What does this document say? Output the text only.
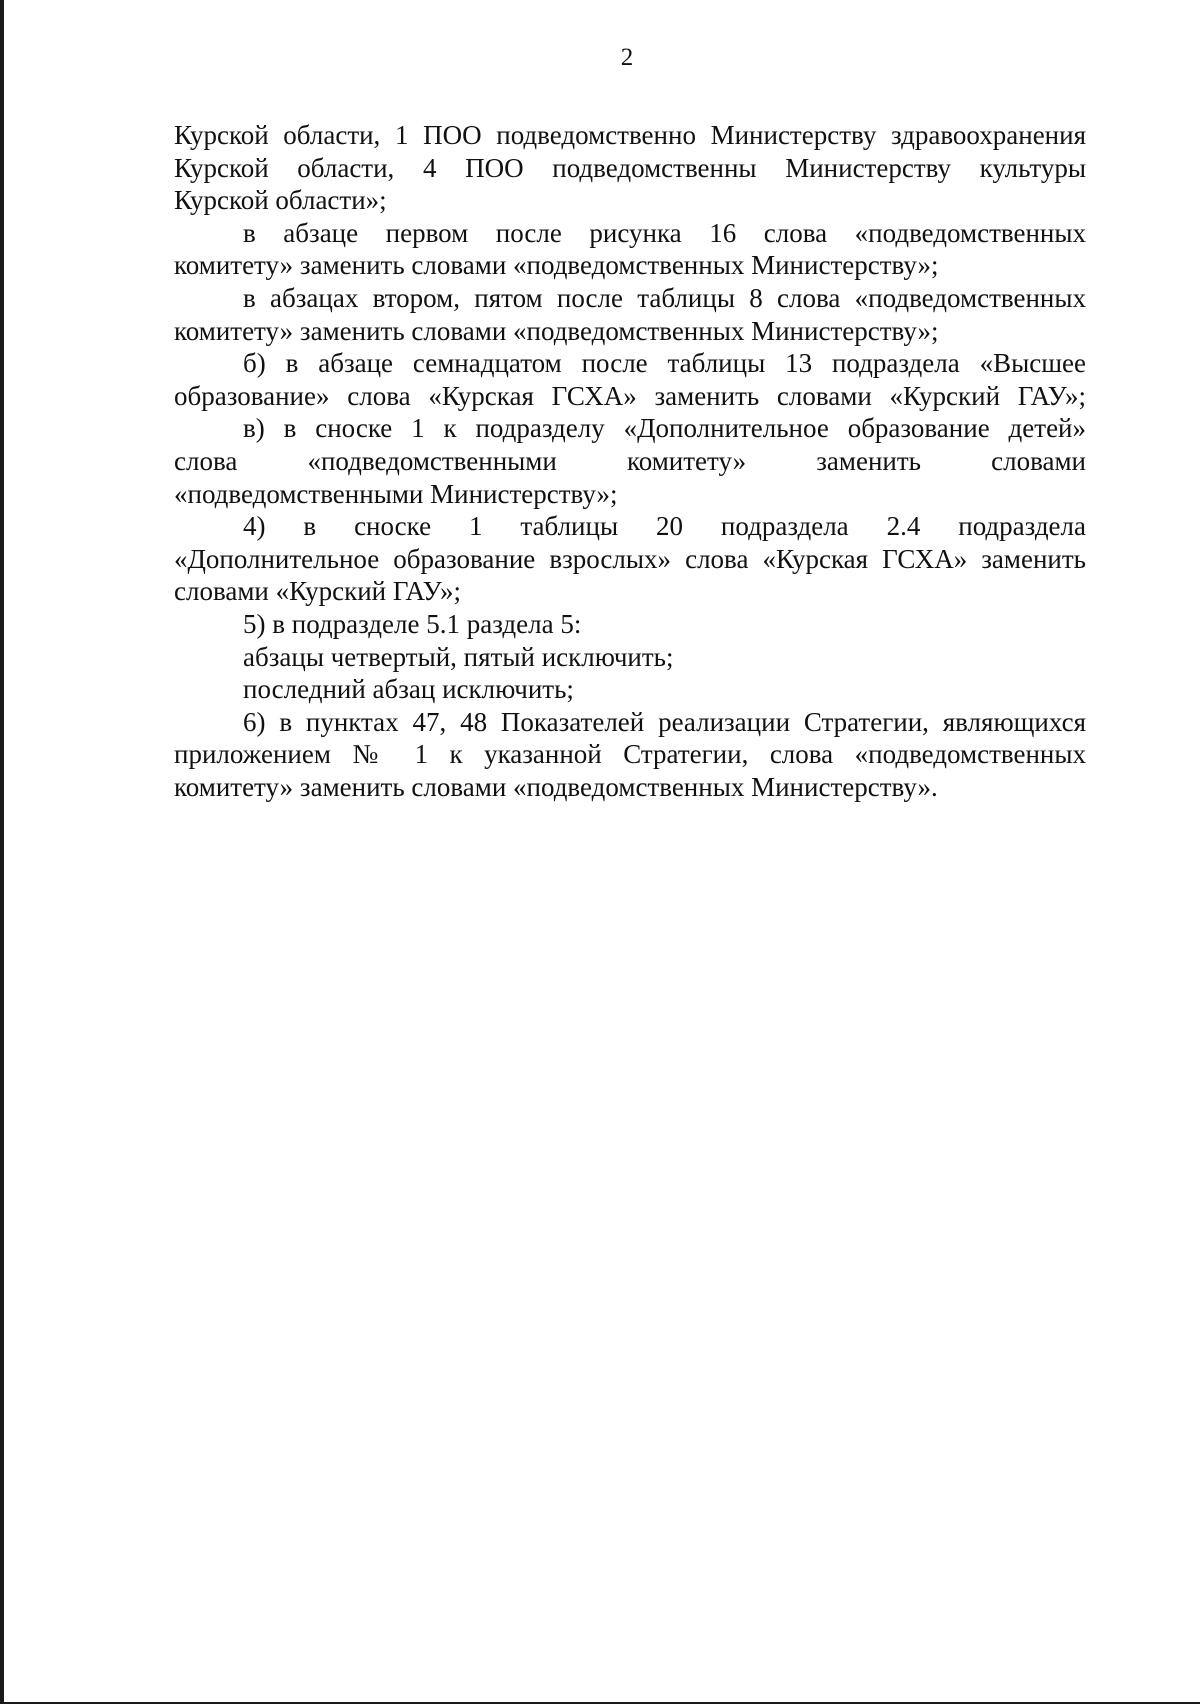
2
Курской области, 1 ПОО подведомственно Министерству здравоохранения
Курской области, 4 ПОО подведомственны Министерству культуры
Курской области»;
в абзаце первом после рисунка 16 слова «подведомственных
комитету» заменить словами «подведомственных Министерству»;
в абзацах втором, пятом после таблицы 8 слова «подведомственных
комитету» заменить словами «подведомственных Министерству»;
б) в абзаце семнадцатом после таблицы 13 подраздела «Высшее
образование» слова «Курская ГСХА» заменить словами «Курский ГАУ»;
в) в сноске 1 к подразделу «Дополнительное образование детей»
слова «подведомственными комитету» заменить словами
«подведомственными Министерству»;
4) в сноске 1 таблицы 20 подраздела 2.4 подраздела
«Дополнительное образование взрослых» слова «Курская ГСХА» заменить
словами «Курский ГАУ»;
5) в подразделе 5.1 раздела 5:
абзацы четвертый, пятый исключить;
последний абзац исключить;
6) в пунктах 47, 48 Показателей реализации Стратегии, являющихся
приложением № 1 к указанной Стратегии, слова «подведомственных
комитету» заменить словами «подведомственных Министерству».
